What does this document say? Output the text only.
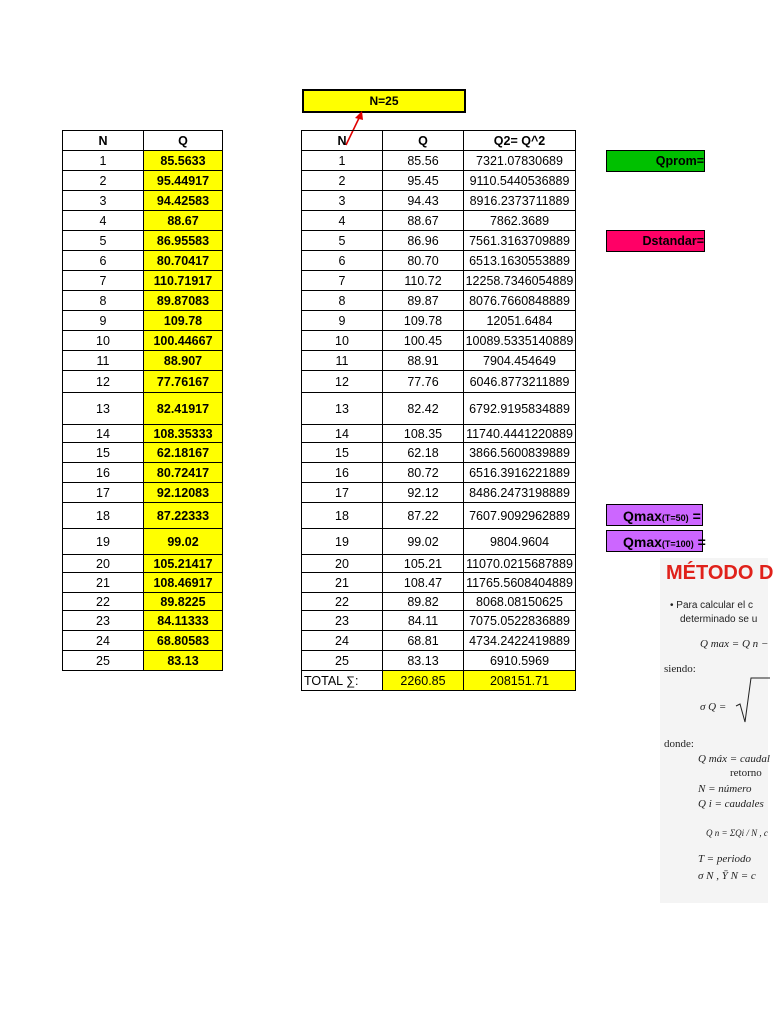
N=25
N	Q
1	85.5633
2	95.44917
3	94.42583
4	88.67
5	86.95583
6	80.70417
7	110.71917
8	89.87083
9	109.78
10	100.44667
11	88.907
12	77.76167
13	82.41917
14	108.35333
15	62.18167
16	80.72417
17	92.12083
18	87.22333
19	99.02
20	105.21417
21	108.46917
22	89.8225
23	84.11333
24	68.80583
25	83.13
N	Q	Q2= Q^2
1	85.56	7321.07830689
2	95.45	9110.5440536889
3	94.43	8916.2373711889
4	88.67	7862.3689
5	86.96	7561.3163709889
6	80.70	6513.1630553889
7	110.72	12258.7346054889
8	89.87	8076.7660848889
9	109.78	12051.6484
10	100.45	10089.5335140889
11	88.91	7904.454649
12	77.76	6046.8773211889
13	82.42	6792.9195834889
14	108.35	11740.4441220889
15	62.18	3866.5600839889
16	80.72	6516.3916221889
17	92.12	8486.2473198889
18	87.22	7607.9092962889
19	99.02	9804.9604
20	105.21	11070.0215687889
21	108.47	11765.5608404889
22	89.82	8068.08150625
23	84.11	7075.0522836889
24	68.81	4734.2422419889
25	83.13	6910.5969
TOTAL ∑:	2260.85	208151.71
Qprom=
Dstandar=
Qmax(T=50) =
Qmax(T=100) =
MÉTODO D
• Para calcular el c
determinado se u
Q max = Q n −
siendo:
σ Q =
donde:
Q máx = caudal
retorno
N = número
Q i = caudales
Q n = ΣQi / N , c
T = periodo
σ N , Ȳ N = c
